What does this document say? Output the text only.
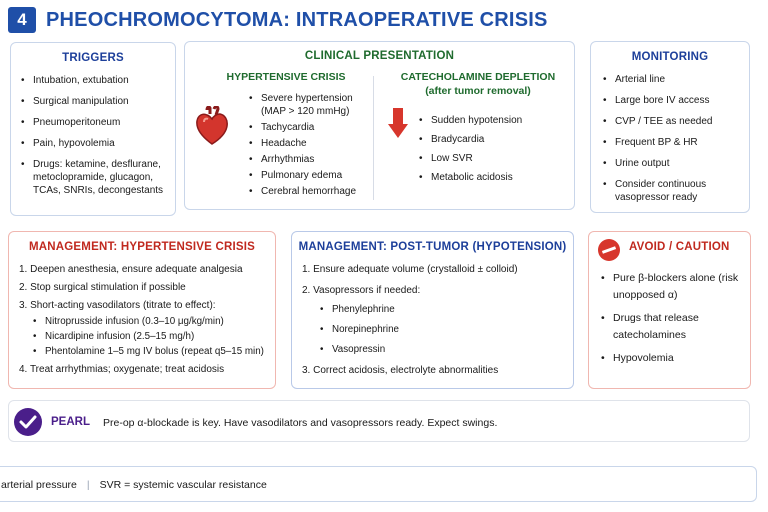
4 PHEOCHROMOCYTOMA: INTRAOPERATIVE CRISIS
TRIGGERS
• Intubation, extubation
• Surgical manipulation
• Pneumoperitoneum
• Pain, hypovolemia
• Drugs: ketamine, desflurane, metoclopramide, glucagon, TCAs, SNRIs, decongestants
CLINICAL PRESENTATION
HYPERTENSIVE CRISIS
• Severe hypertension (MAP > 120 mmHg)
• Tachycardia
• Headache
• Arrhythmias
• Pulmonary edema
• Cerebral hemorrhage
CATECHOLAMINE DEPLETION
(after tumor removal)
• Sudden hypotension
• Bradycardia
• Low SVR
• Metabolic acidosis
MONITORING
• Arterial line
• Large bore IV access
• CVP / TEE as needed
• Frequent BP & HR
• Urine output
• Consider continuous vasopressor ready
MANAGEMENT: HYPERTENSIVE CRISIS
1. Deepen anesthesia, ensure adequate analgesia
2. Stop surgical stimulation if possible
3. Short-acting vasodilators (titrate to effect):
• Nitroprusside infusion (0.3–10 μg/kg/min)
• Nicardipine infusion (2.5–15 mg/h)
• Phentolamine 1–5 mg IV bolus (repeat q5–15 min)
4. Treat arrhythmias; oxygenate; treat acidosis
MANAGEMENT: POST-TUMOR (HYPOTENSION)
1. Ensure adequate volume (crystalloid ± colloid)
2. Vasopressors if needed:
• Phenylephrine
• Norepinephrine
• Vasopressin
3. Correct acidosis, electrolyte abnormalities
AVOID / CAUTION
• Pure β-blockers alone (risk unopposed α)
• Drugs that release catecholamines
• Hypovolemia
PEARL Pre-op α-blockade is key. Have vasodilators and vasopressors ready. Expect swings.
arterial pressure | SVR = systemic vascular resistance
